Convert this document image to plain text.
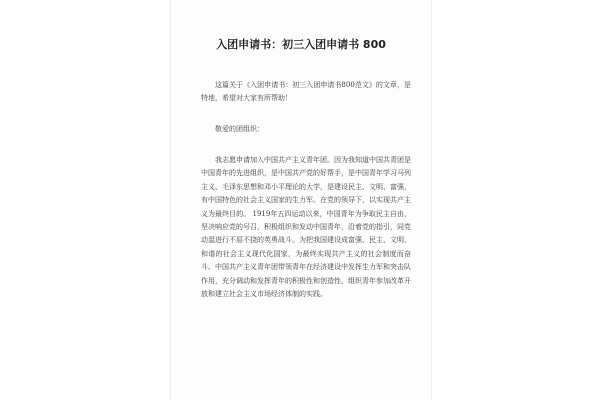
入团申请书：初三入团申请书 800

这篇关于《入团申请书：初三入团申请书800范文》的文章，是特地，希望对大家有所帮助！

敬爱的团组织：

我志愿申请加入中国共产主义青年团。因为我知道中国共青团是中国青年的先进组织，是中国共产党的好帮手，是中国青年学习马列主义、毛泽东思想和邓小平理论的大学，是建设民主、文明、富强，有中国特色的社会主义国家的生力军。在党的领导下，以实现共产主义为最终目的。 1919年五四运动以来，中国青年为争取民主自由，坚决响应党的号召，积极组织和发动中国青年，沿着党的指引，同党动湿进行不屈不挠的英勇战斗。为把我国建设成富强、民主、文明、和谐的社会主义现代化国家，为最终实现共产主义的社会制度而奋斗。中国共产主义青年团带领青年在经济建设中发挥生力军和突击队作用，充分调动和发挥青年的积极性和创造性，组织青年参加改革开放和建立社会主义市场经济体制的实践。
